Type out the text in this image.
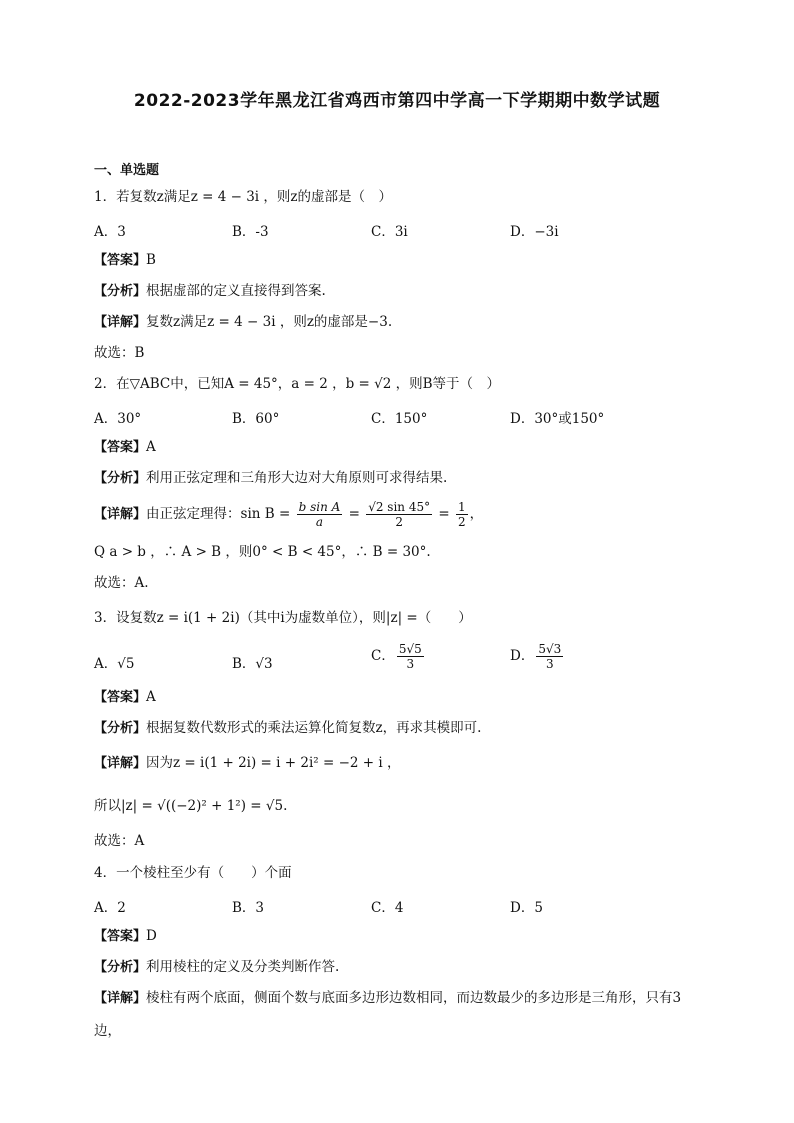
2022-2023学年黑龙江省鸡西市第四中学高一下学期期中数学试题
一、单选题
1．若复数z满足z = 4 − 3i ，则z的虚部是（　）
A．3	B．-3	C．3i	D．−3i
【答案】B
【分析】根据虚部的定义直接得到答案.
【详解】复数z满足z = 4 − 3i ，则z的虚部是−3.
故选：B
2．在▽ABC中，已知A = 45°，a = 2 ，b = √2 ，则B等于（　）
A．30°	B．60°	C．150°	D．30°或150°
【答案】A
【分析】利用正弦定理和三角形大边对大角原则可求得结果.
【详解】由正弦定理得：$\sin B = \frac{\text{b sin A}}{a} = \frac{√2 \sin 45^\circ}{2} = \frac{1}{2}$ ，
Q a > b ，∴ A > B ，则0° < B < 45°，∴ B = 30°.
故选：A.
3．设复数z = i(1 + 2i)（其中i为虚数单位），则|z| =（　　）
A．√5	B．√3	C． $\frac{5√5}{3}$	D． $\frac{5√3}{3}$
【答案】A
【分析】根据复数代数形式的乘法运算化简复数z，再求其模即可.
【详解】因为z = i(1 + 2i) = i + 2i² = −2 + i ，
所以|z| = √((−2)² + 1²) = √5.
故选：A
4．一个棱柱至少有（　　）个面
A．2	B．3	C．4	D．5
【答案】D
【分析】利用棱柱的定义及分类判断作答.
【详解】棱柱有两个底面，侧面个数与底面多边形边数相同，而边数最少的多边形是三角形，只有3
边，
